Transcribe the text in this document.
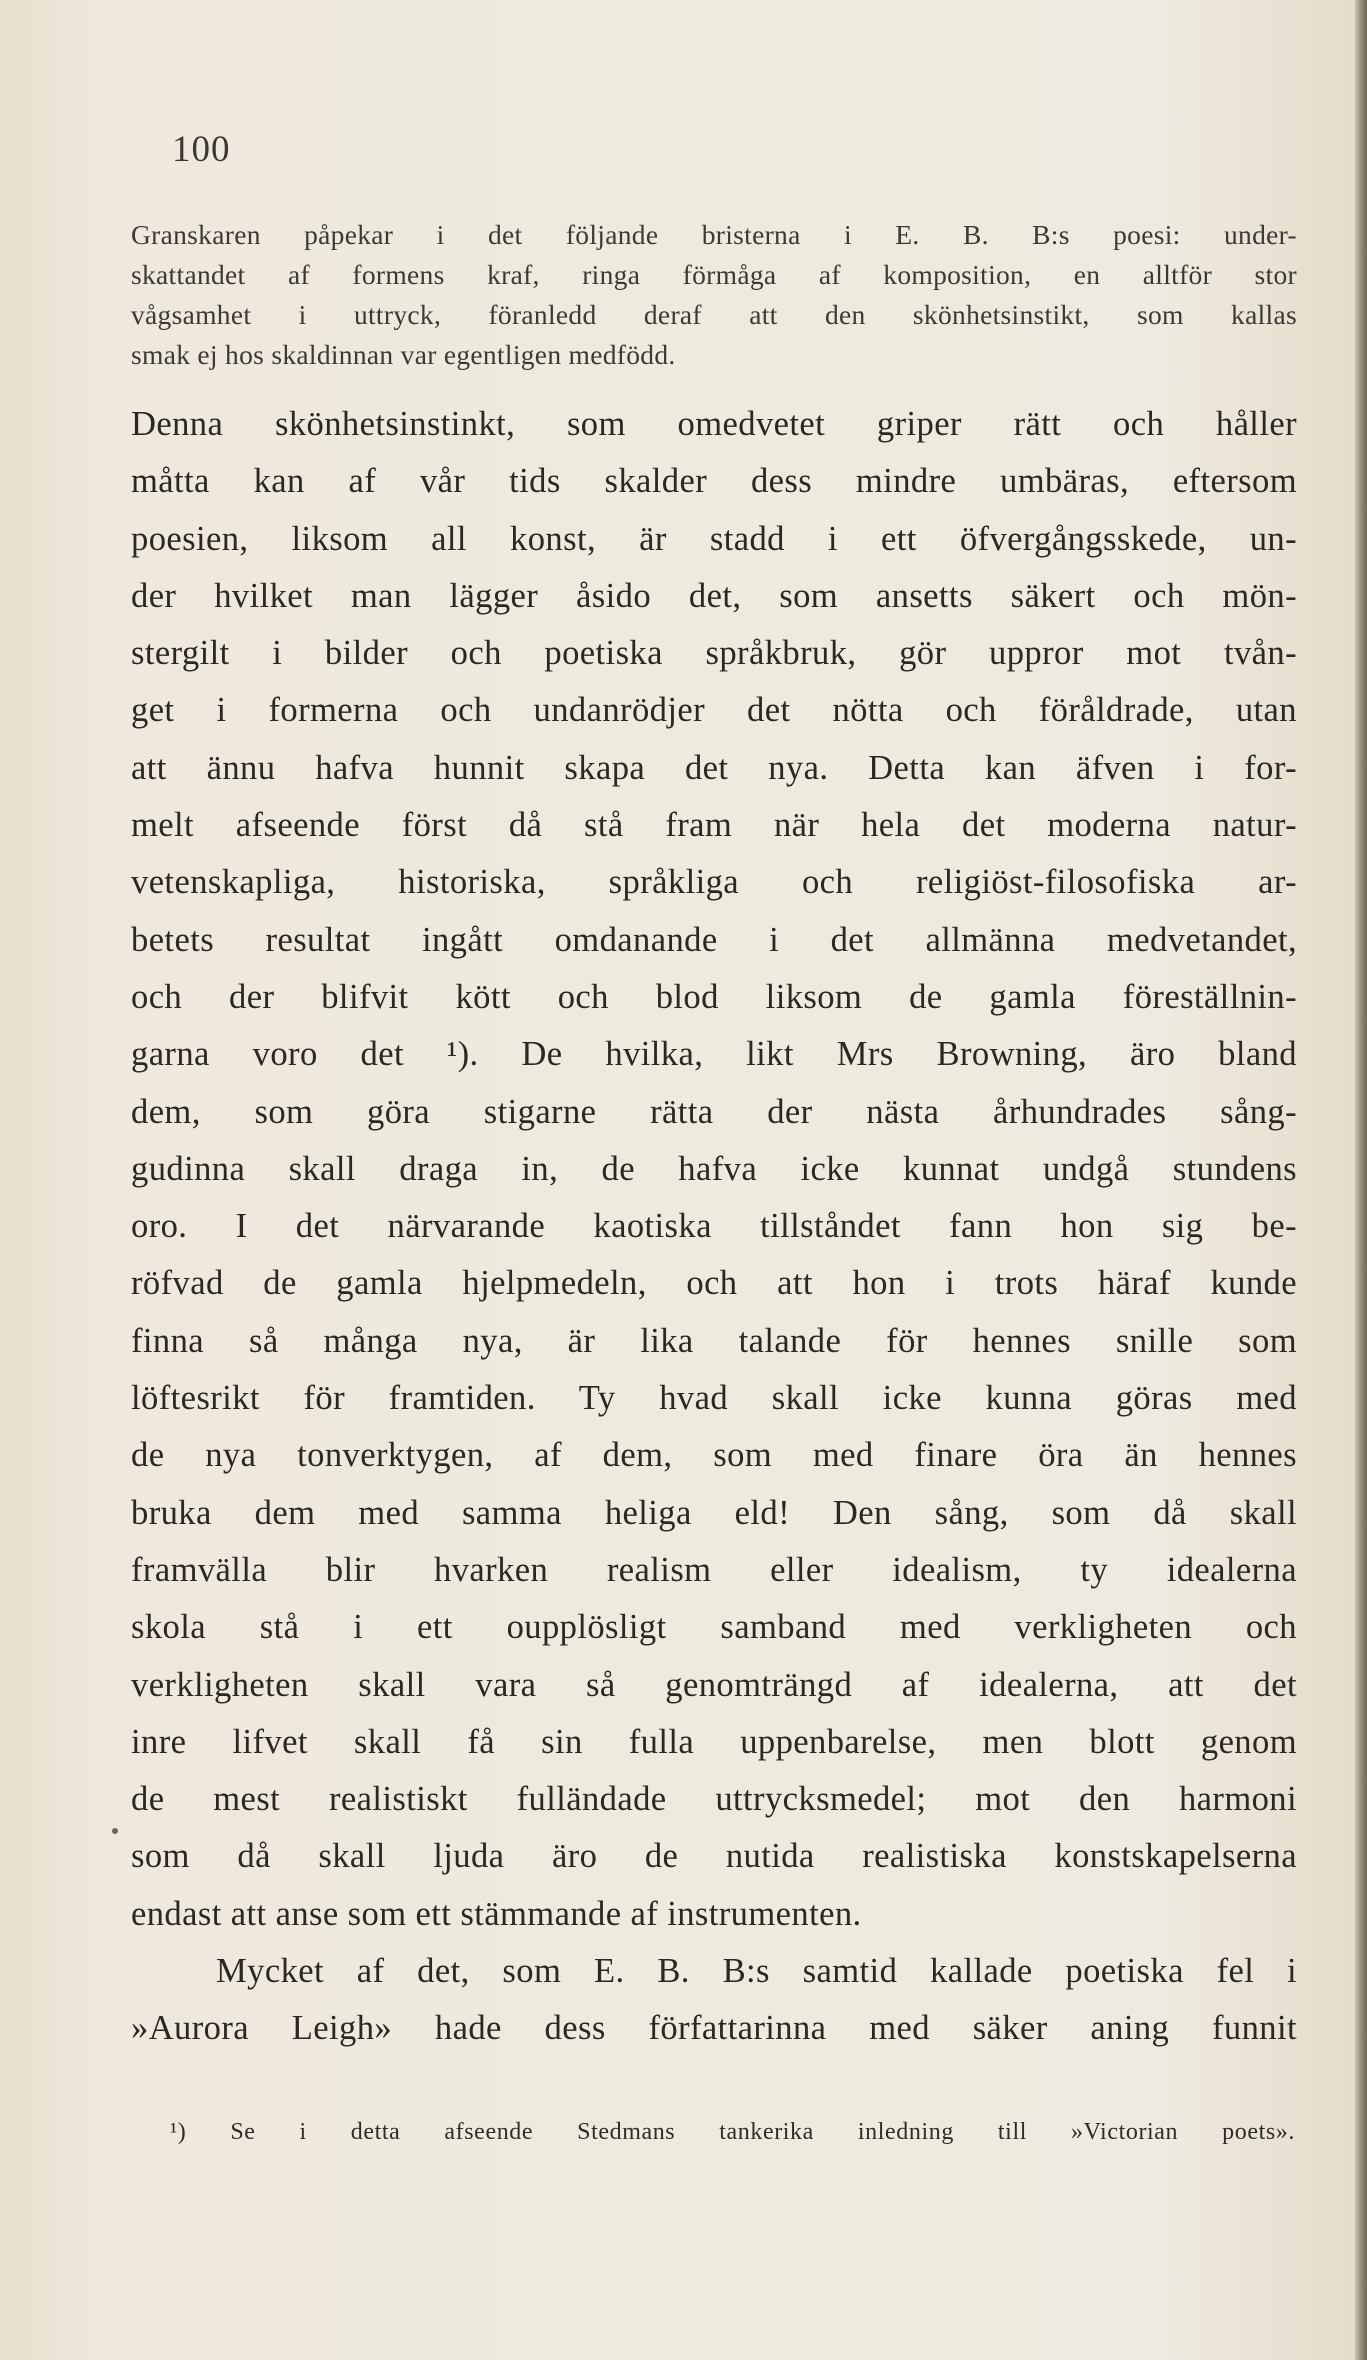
100
Granskaren påpekar i det följande bristerna i E. B. B:s poesi: under-
skattandet af formens kraf, ringa förmåga af komposition, en alltför stor
vågsamhet i uttryck, föranledd deraf att den skönhetsinstikt, som kallas
smak ej hos skaldinnan var egentligen medfödd.
Denna skönhetsinstinkt, som omedvetet griper rätt och håller
måtta kan af vår tids skalder dess mindre umbäras, eftersom
poesien, liksom all konst, är stadd i ett öfvergångsskede, un-
der hvilket man lägger åsido det, som ansetts säkert och mön-
stergilt i bilder och poetiska språkbruk, gör uppror mot tvån-
get i formerna och undanrödjer det nötta och föråldrade, utan
att ännu hafva hunnit skapa det nya. Detta kan äfven i for-
melt afseende först då stå fram när hela det moderna natur-
vetenskapliga, historiska, språkliga och religiöst-filosofiska ar-
betets resultat ingått omdanande i det allmänna medvetandet,
och der blifvit kött och blod liksom de gamla föreställnin-
garna voro det ¹). De hvilka, likt Mrs Browning, äro bland
dem, som göra stigarne rätta der nästa århundrades sång-
gudinna skall draga in, de hafva icke kunnat undgå stundens
oro. I det närvarande kaotiska tillståndet fann hon sig be-
röfvad de gamla hjelpmedeln, och att hon i trots häraf kunde
finna så många nya, är lika talande för hennes snille som
löftesrikt för framtiden. Ty hvad skall icke kunna göras med
de nya tonverktygen, af dem, som med finare öra än hennes
bruka dem med samma heliga eld! Den sång, som då skall
framvälla blir hvarken realism eller idealism, ty idealerna
skola stå i ett oupplösligt samband med verkligheten och
verkligheten skall vara så genomträngd af idealerna, att det
inre lifvet skall få sin fulla uppenbarelse, men blott genom
de mest realistiskt fulländade uttrycksmedel; mot den harmoni
som då skall ljuda äro de nutida realistiska konstskapelserna
endast att anse som ett stämmande af instrumenten.
Mycket af det, som E. B. B:s samtid kallade poetiska fel i
»Aurora Leigh» hade dess författarinna med säker aning funnit
¹) Se i detta afseende Stedmans tankerika inledning till »Victorian poets».
